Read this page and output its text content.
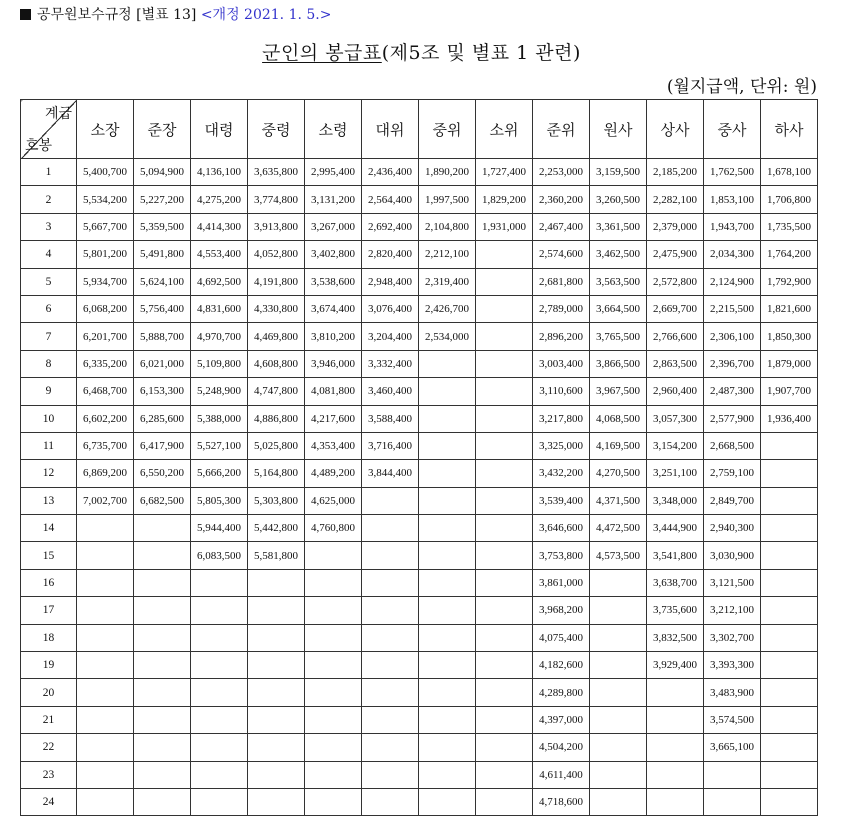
공무원보수규정 [별표 13] <개정 2021. 1. 5.>
군인의 봉급표(제5조 및 별표 1 관련)
(월지급액, 단위: 원)
계급
호봉	소장	준장	대령	중령	소령	대위	중위	소위	준위	원사	상사	중사	하사
1	5,400,700	5,094,900	4,136,100	3,635,800	2,995,400	2,436,400	1,890,200	1,727,400	2,253,000	3,159,500	2,185,200	1,762,500	1,678,100
2	5,534,200	5,227,200	4,275,200	3,774,800	3,131,200	2,564,400	1,997,500	1,829,200	2,360,200	3,260,500	2,282,100	1,853,100	1,706,800
3	5,667,700	5,359,500	4,414,300	3,913,800	3,267,000	2,692,400	2,104,800	1,931,000	2,467,400	3,361,500	2,379,000	1,943,700	1,735,500
4	5,801,200	5,491,800	4,553,400	4,052,800	3,402,800	2,820,400	2,212,100		2,574,600	3,462,500	2,475,900	2,034,300	1,764,200
5	5,934,700	5,624,100	4,692,500	4,191,800	3,538,600	2,948,400	2,319,400		2,681,800	3,563,500	2,572,800	2,124,900	1,792,900
6	6,068,200	5,756,400	4,831,600	4,330,800	3,674,400	3,076,400	2,426,700		2,789,000	3,664,500	2,669,700	2,215,500	1,821,600
7	6,201,700	5,888,700	4,970,700	4,469,800	3,810,200	3,204,400	2,534,000		2,896,200	3,765,500	2,766,600	2,306,100	1,850,300
8	6,335,200	6,021,000	5,109,800	4,608,800	3,946,000	3,332,400			3,003,400	3,866,500	2,863,500	2,396,700	1,879,000
9	6,468,700	6,153,300	5,248,900	4,747,800	4,081,800	3,460,400			3,110,600	3,967,500	2,960,400	2,487,300	1,907,700
10	6,602,200	6,285,600	5,388,000	4,886,800	4,217,600	3,588,400			3,217,800	4,068,500	3,057,300	2,577,900	1,936,400
11	6,735,700	6,417,900	5,527,100	5,025,800	4,353,400	3,716,400			3,325,000	4,169,500	3,154,200	2,668,500	
12	6,869,200	6,550,200	5,666,200	5,164,800	4,489,200	3,844,400			3,432,200	4,270,500	3,251,100	2,759,100	
13	7,002,700	6,682,500	5,805,300	5,303,800	4,625,000				3,539,400	4,371,500	3,348,000	2,849,700	
14			5,944,400	5,442,800	4,760,800				3,646,600	4,472,500	3,444,900	2,940,300	
15			6,083,500	5,581,800					3,753,800	4,573,500	3,541,800	3,030,900	
16									3,861,000		3,638,700	3,121,500	
17									3,968,200		3,735,600	3,212,100	
18									4,075,400		3,832,500	3,302,700	
19									4,182,600		3,929,400	3,393,300	
20									4,289,800			3,483,900	
21									4,397,000			3,574,500	
22									4,504,200			3,665,100	
23									4,611,400				
24									4,718,600				
